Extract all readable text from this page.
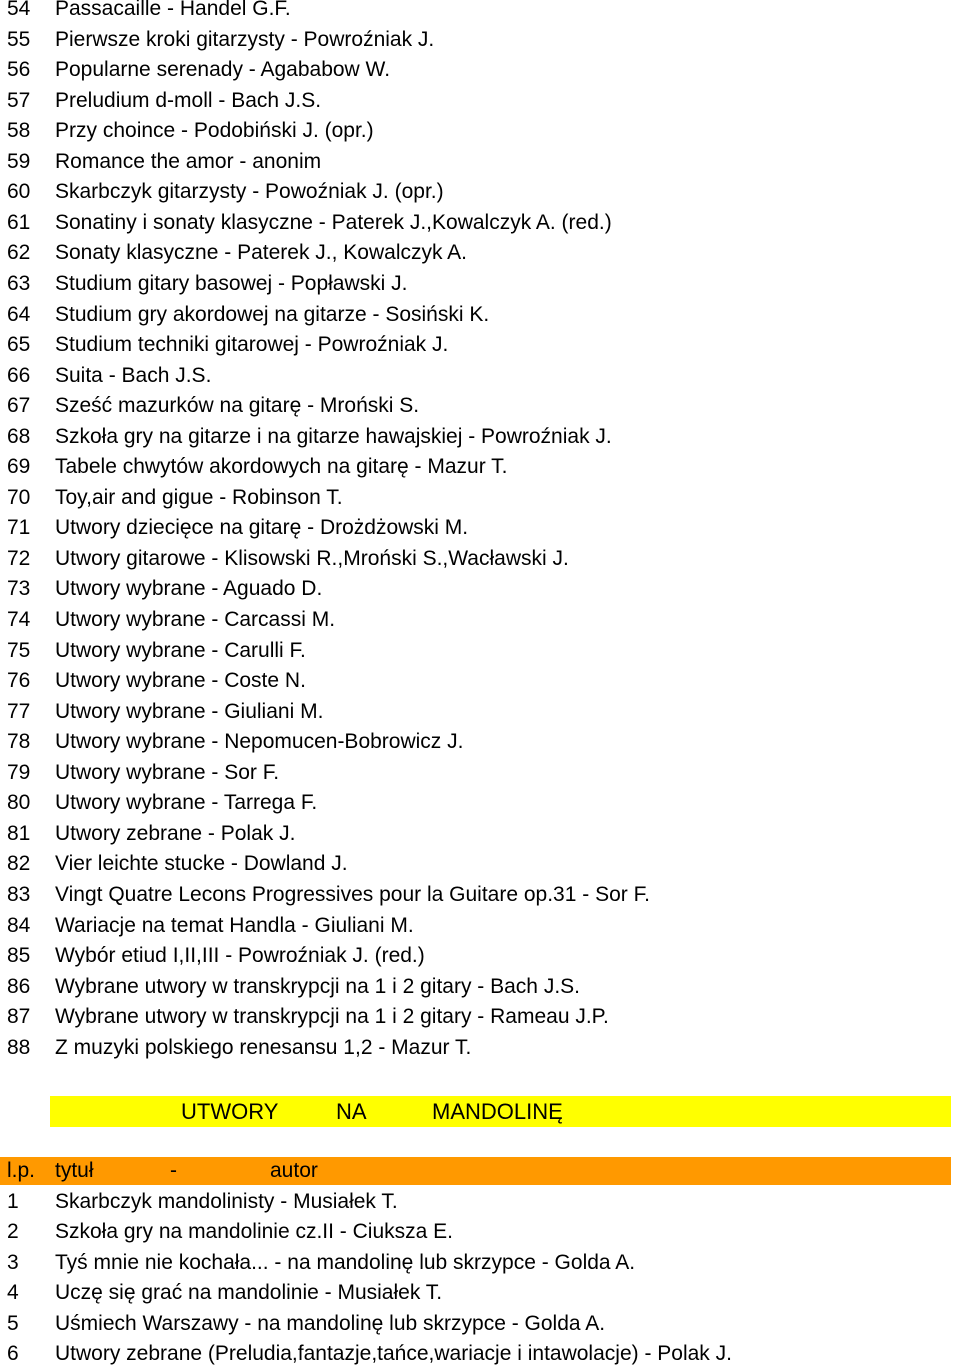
54 Passacaille - Handel G.F.
55 Pierwsze kroki gitarzysty - Powroźniak J.
56 Popularne serenady - Agababow W.
57 Preludium d-moll - Bach J.S.
58 Przy choince - Podobiński J. (opr.)
59 Romance the amor - anonim
60 Skarbczyk gitarzysty - Powoźniak J. (opr.)
61 Sonatiny i sonaty klasyczne - Paterek J.,Kowalczyk A. (red.)
62 Sonaty klasyczne - Paterek J., Kowalczyk A.
63 Studium gitary basowej - Popławski J.
64 Studium gry akordowej na gitarze - Sosiński K.
65 Studium techniki gitarowej - Powroźniak J.
66 Suita - Bach J.S.
67 Sześć mazurków na gitarę - Mroński S.
68 Szkoła gry na gitarze i na gitarze hawajskiej - Powroźniak J.
69 Tabele chwytów akordowych na gitarę - Mazur T.
70 Toy,air and gigue - Robinson T.
71 Utwory dziecięce na gitarę - Drożdżowski M.
72 Utwory gitarowe - Klisowski R.,Mroński S.,Wacławski J.
73 Utwory wybrane - Aguado D.
74 Utwory wybrane - Carcassi M.
75 Utwory wybrane - Carulli F.
76 Utwory wybrane - Coste N.
77 Utwory wybrane - Giuliani M.
78 Utwory wybrane - Nepomucen-Bobrowicz J.
79 Utwory wybrane - Sor F.
80 Utwory wybrane - Tarrega F.
81 Utwory zebrane - Polak J.
82 Vier leichte stucke - Dowland J.
83 Vingt Quatre Lecons Progressives pour la Guitare op.31 - Sor F.
84 Wariacje na temat Handla - Giuliani M.
85 Wybór etiud I,II,III - Powroźniak J. (red.)
86 Wybrane utwory w transkrypcji na 1 i 2 gitary - Bach J.S.
87 Wybrane utwory w transkrypcji na 1 i 2 gitary - Rameau J.P.
88 Z muzyki polskiego renesansu 1,2 - Mazur T.
UTWORY	NA	MANDOLINĘ
l.p. tytuł	-	autor
1 Skarbczyk mandolinisty - Musiałek T.
2 Szkoła gry na mandolinie cz.II - Ciuksza E.
3 Tyś mnie nie kochała... - na mandolinę lub skrzypce - Golda A.
4 Uczę się grać na mandolinie - Musiałek T.
5 Uśmiech Warszawy - na mandolinę lub skrzypce - Golda A.
6 Utwory zebrane (Preludia,fantazje,tańce,wariacje i intawolacje) - Polak J.
